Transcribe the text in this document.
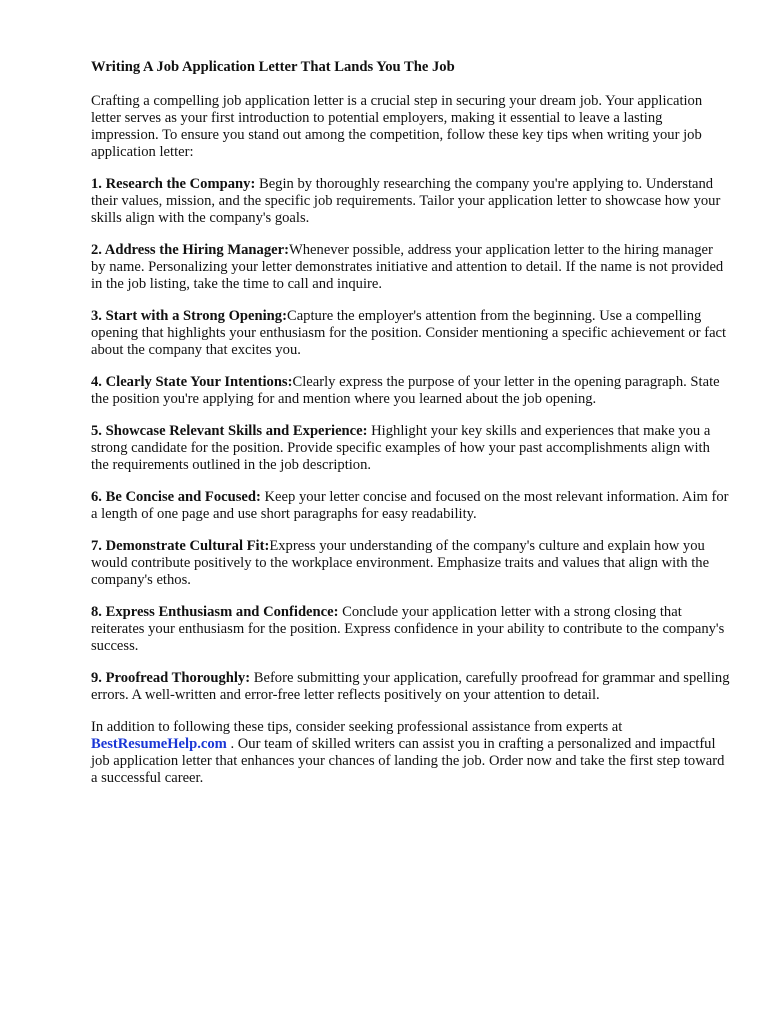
Writing A Job Application Letter That Lands You The Job

Crafting a compelling job application letter is a crucial step in securing your dream job. Your application letter serves as your first introduction to potential employers, making it essential to leave a lasting impression. To ensure you stand out among the competition, follow these key tips when writing your job application letter:

1. Research the Company: Begin by thoroughly researching the company you're applying to. Understand their values, mission, and the specific job requirements. Tailor your application letter to showcase how your skills align with the company's goals.

2. Address the Hiring Manager:Whenever possible, address your application letter to the hiring manager by name. Personalizing your letter demonstrates initiative and attention to detail. If the name is not provided in the job listing, take the time to call and inquire.

3. Start with a Strong Opening:Capture the employer's attention from the beginning. Use a compelling opening that highlights your enthusiasm for the position. Consider mentioning a specific achievement or fact about the company that excites you.

4. Clearly State Your Intentions:Clearly express the purpose of your letter in the opening paragraph. State the position you're applying for and mention where you learned about the job opening.

5. Showcase Relevant Skills and Experience: Highlight your key skills and experiences that make you a strong candidate for the position. Provide specific examples of how your past accomplishments align with the requirements outlined in the job description.

6. Be Concise and Focused: Keep your letter concise and focused on the most relevant information. Aim for a length of one page and use short paragraphs for easy readability.

7. Demonstrate Cultural Fit:Express your understanding of the company's culture and explain how you would contribute positively to the workplace environment. Emphasize traits and values that align with the company's ethos.

8. Express Enthusiasm and Confidence: Conclude your application letter with a strong closing that reiterates your enthusiasm for the position. Express confidence in your ability to contribute to the company's success.

9. Proofread Thoroughly: Before submitting your application, carefully proofread for grammar and spelling errors. A well-written and error-free letter reflects positively on your attention to detail.

In addition to following these tips, consider seeking professional assistance from experts at BestResumeHelp.com . Our team of skilled writers can assist you in crafting a personalized and impactful job application letter that enhances your chances of landing the job. Order now and take the first step toward a successful career.
